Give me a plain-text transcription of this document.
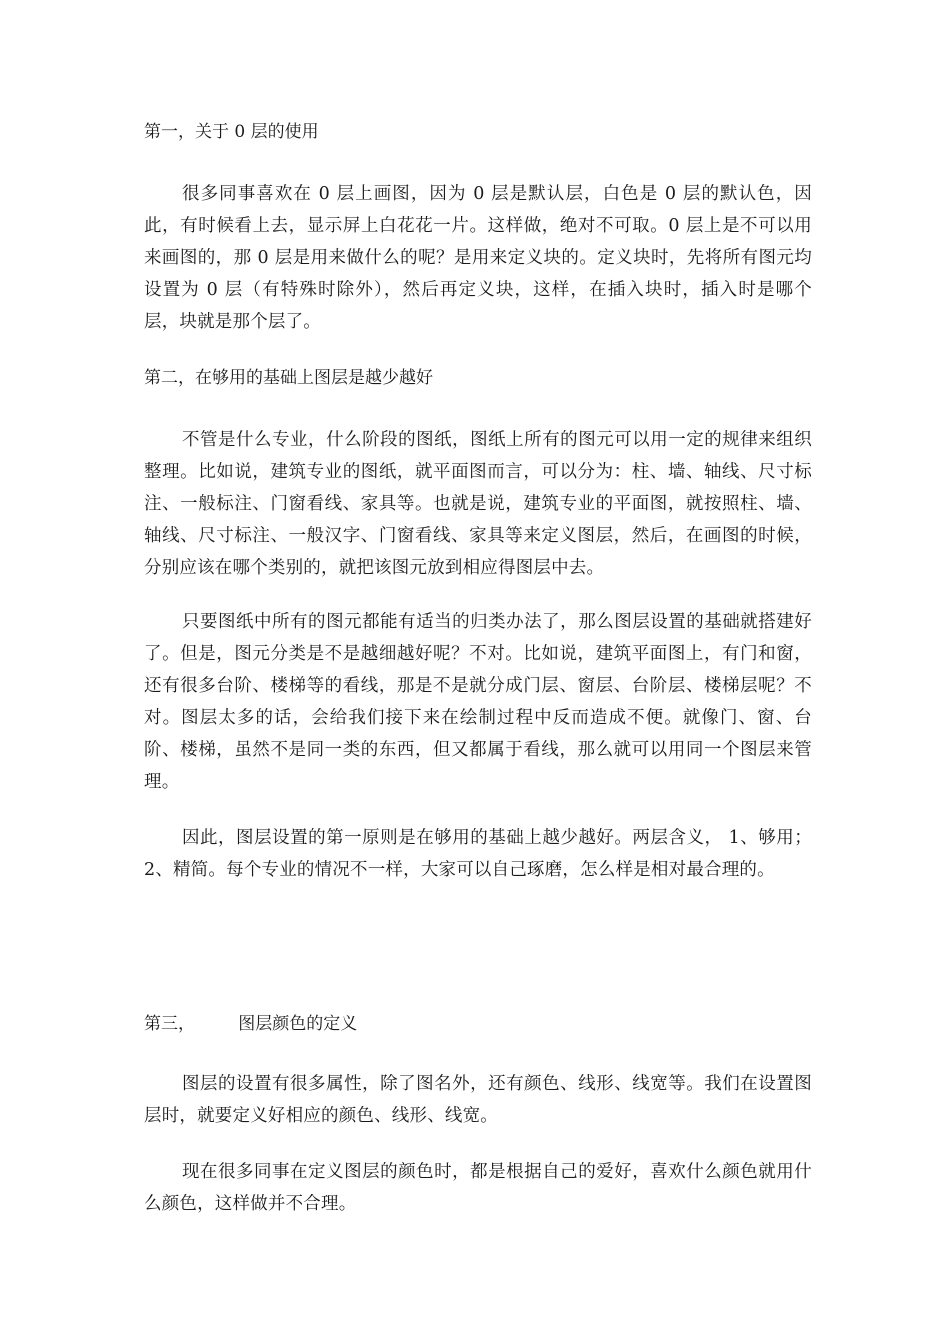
第一，关于 0 层的使用

很多同事喜欢在 0 层上画图，因为 0 层是默认层，白色是 0 层的默认色，因此，有时候看上去，显示屏上白花花一片。这样做，绝对不可取。0 层上是不可以用来画图的，那 0 层是用来做什么的呢？是用来定义块的。定义块时，先将所有图元均设置为 0 层（有特殊时除外），然后再定义块，这样，在插入块时，插入时是哪个层，块就是那个层了。

第二，在够用的基础上图层是越少越好

不管是什么专业，什么阶段的图纸，图纸上所有的图元可以用一定的规律来组织整理。比如说，建筑专业的图纸，就平面图而言，可以分为：柱、墙、轴线、尺寸标注、一般标注、门窗看线、家具等。也就是说，建筑专业的平面图，就按照柱、墙、轴线、尺寸标注、一般汉字、门窗看线、家具等来定义图层，然后，在画图的时候，分别应该在哪个类别的，就把该图元放到相应得图层中去。

只要图纸中所有的图元都能有适当的归类办法了，那么图层设置的基础就搭建好了。但是，图元分类是不是越细越好呢？不对。比如说，建筑平面图上，有门和窗，还有很多台阶、楼梯等的看线，那是不是就分成门层、窗层、台阶层、楼梯层呢？不对。图层太多的话，会给我们接下来在绘制过程中反而造成不便。就像门、窗、台阶、楼梯，虽然不是同一类的东西，但又都属于看线，那么就可以用同一个图层来管理。

因此，图层设置的第一原则是在够用的基础上越少越好。两层含义， 1、够用；2、精简。每个专业的情况不一样，大家可以自己琢磨，怎么样是相对最合理的。

第三，        图层颜色的定义

图层的设置有很多属性，除了图名外，还有颜色、线形、线宽等。我们在设置图层时，就要定义好相应的颜色、线形、线宽。

现在很多同事在定义图层的颜色时，都是根据自己的爱好，喜欢什么颜色就用什么颜色，这样做并不合理。
